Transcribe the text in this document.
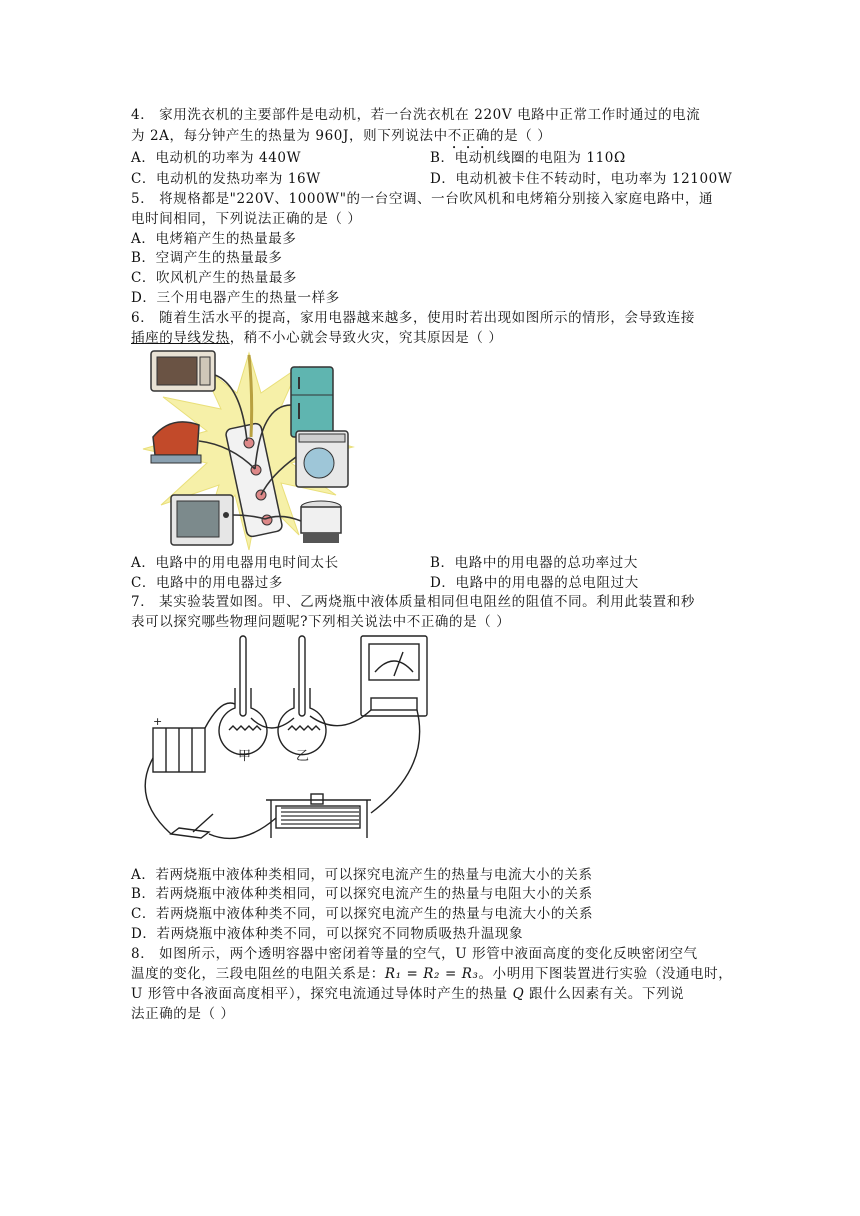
4． 家用洗衣机的主要部件是电动机，若一台洗衣机在 220V 电路中正常工作时通过的电流
为 2A，每分钟产生的热量为 960J，则下列说法中不正确的是（ ）
A．电动机的功率为 440W	B．电动机线圈的电阻为 110Ω
C．电动机的发热功率为 16W	D．电动机被卡住不转动时，电功率为 12100W
5． 将规格都是"220V、1000W"的一台空调、一台吹风机和电烤箱分别接入家庭电路中，通
电时间相同，下列说法正确的是（ ）
A．电烤箱产生的热量最多
B．空调产生的热量最多
C．吹风机产生的热量最多
D．三个用电器产生的热量一样多
6． 随着生活水平的提高，家用电器越来越多，使用时若出现如图所示的情形，会导致连接
插座的导线发热，稍不小心就会导致火灾，究其原因是（ ）
A．电路中的用电器用电时间太长	B．电路中的用电器的总功率过大
C．电路中的用电器过多	D．电路中的用电器的总电阻过大
7． 某实验装置如图。甲、乙两烧瓶中液体质量相同但电阻丝的阻值不同。利用此装置和秒
表可以探究哪些物理问题呢?下列相关说法中不正确的是（ ）
+
甲	乙
A．若两烧瓶中液体种类相同，可以探究电流产生的热量与电流大小的关系
B．若两烧瓶中液体种类相同，可以探究电流产生的热量与电阻大小的关系
C．若两烧瓶中液体种类不同，可以探究电流产生的热量与电流大小的关系
D．若两烧瓶中液体种类不同，可以探究不同物质吸热升温现象
8． 如图所示，两个透明容器中密闭着等量的空气，U 形管中液面高度的变化反映密闭空气
温度的变化，三段电阻丝的电阻关系是：R₁ = R₂ = R₃。小明用下图装置进行实验（没通电时，
U 形管中各液面高度相平），探究电流通过导体时产生的热量 Q 跟什么因素有关。下列说
法正确的是（ ）
